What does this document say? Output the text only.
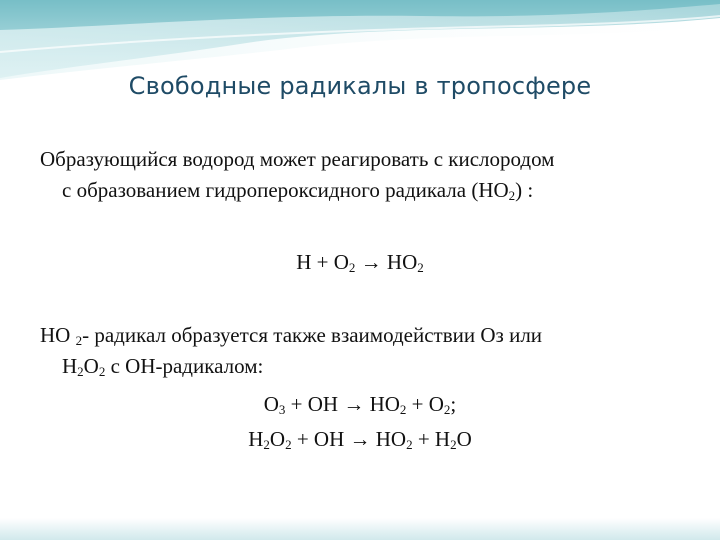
Свободные радикалы в тропосфере
Образующийся водород может реагировать с кислородом
с образованием гидропероксидного радикала $(НО_2)$ :
$Н + О_2 \to НО_2$
НО $_2$- радикал образуется также взаимодействии Оз или
$Н_2О_2$ с ОН-радикалом:
$О_3$ + ОН → $НО_2 + О_2$;
$Н_2О_2$ + ОН → $НО_2 + Н_2О$
